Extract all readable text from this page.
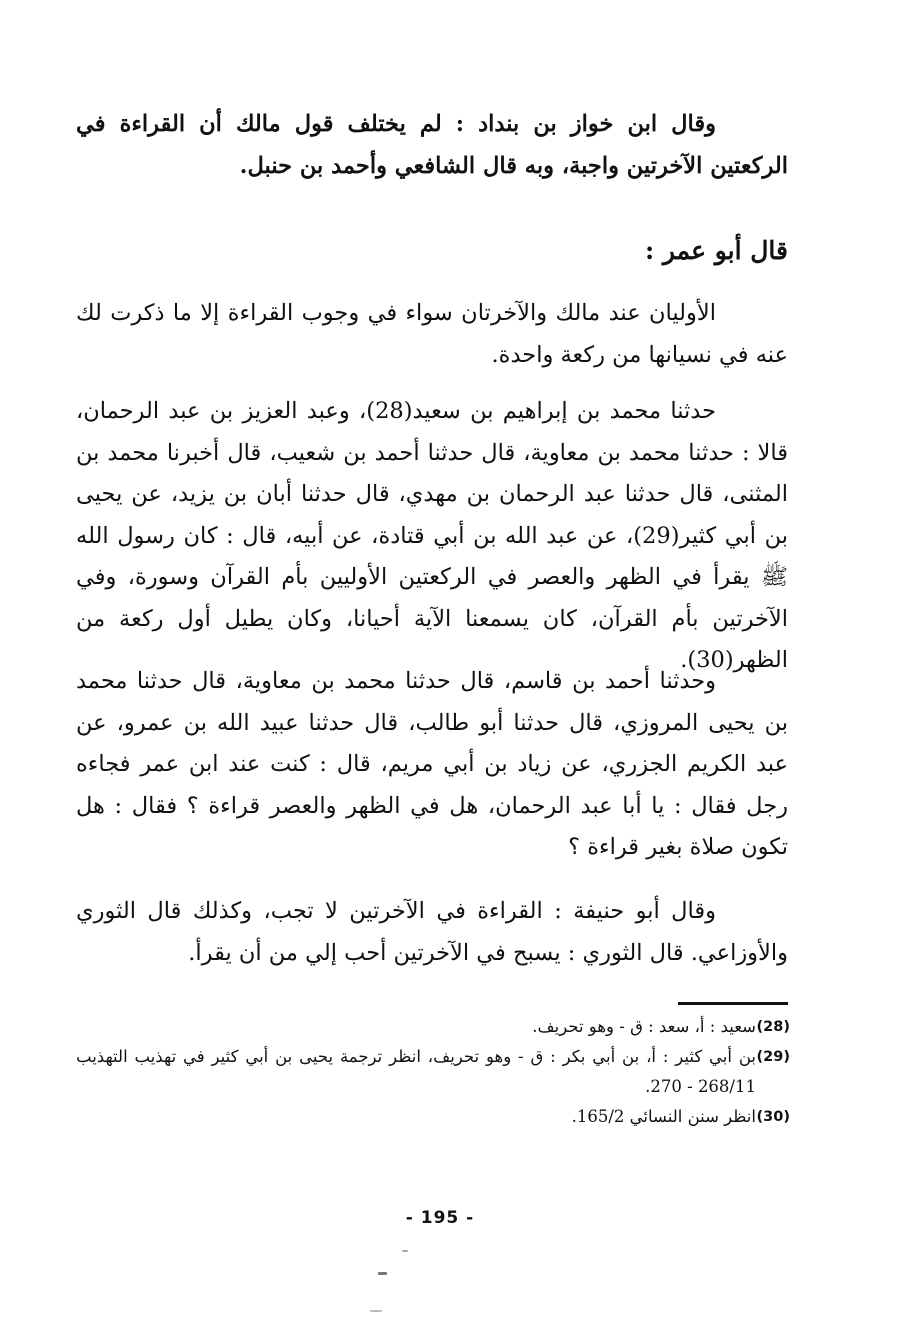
وقال ابن خواز بن بنداد : لم يختلف قول مالك أن القراءة في الركعتين الآخرتين واجبة، وبه قال الشافعي وأحمد بن حنبل.
قال أبو عمر :
الأوليان عند مالك والآخرتان سواء في وجوب القراءة إلا ما ذكرت لك عنه في نسيانها من ركعة واحدة.
حدثنا محمد بن إبراهيم بن سعيد(28)، وعبد العزيز بن عبد الرحمان، قالا : حدثنا محمد بن معاوية، قال حدثنا أحمد بن شعيب، قال أخبرنا محمد بن المثنى، قال حدثنا عبد الرحمان بن مهدي، قال حدثنا أبان بن يزيد، عن يحيى بن أبي كثير(29)، عن عبد الله بن أبي قتادة، عن أبيه، قال : كان رسول الله ﷺ يقرأ في الظهر والعصر في الركعتين الأوليين بأم القرآن وسورة، وفي الآخرتين بأم القرآن، كان يسمعنا الآية أحيانا، وكان يطيل أول ركعة من الظهر(30).
وحدثنا أحمد بن قاسم، قال حدثنا محمد بن معاوية، قال حدثنا محمد بن يحيى المروزي، قال حدثنا أبو طالب، قال حدثنا عبيد الله بن عمرو، عن عبد الكريم الجزري، عن زياد بن أبي مريم، قال : كنت عند ابن عمر فجاءه رجل فقال : يا أبا عبد الرحمان، هل في الظهر والعصر قراءة ؟ فقال : هل تكون صلاة بغير قراءة ؟
وقال أبو حنيفة : القراءة في الآخرتين لا تجب، وكذلك قال الثوري والأوزاعي. قال الثوري : يسبح في الآخرتين أحب إلي من أن يقرأ.
(28)
سعيد : أ، سعد : ق - وهو تحريف.
(29)
بن أبي كثير : أ، بن أبي بكر : ق - وهو تحريف، انظر ترجمة يحيى بن أبي كثير في تهذيب التهذيب 268/11 - 270.
(30)
انظر سنن النسائي 165/2.
- 195 -
